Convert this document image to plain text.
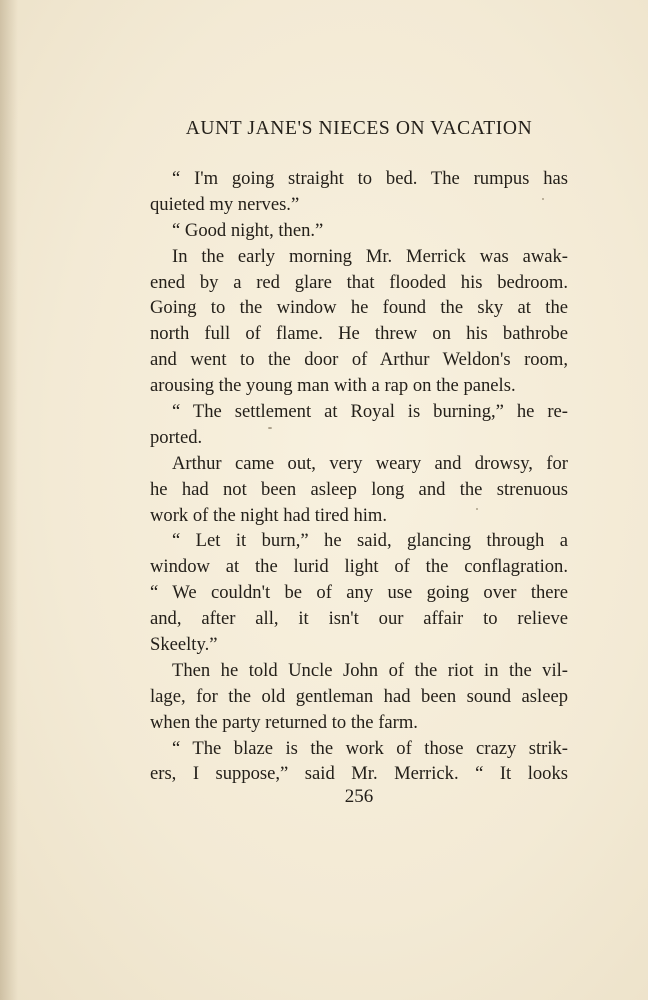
AUNT JANE'S NIECES ON VACATION
“ I'm going straight to bed. The rumpus has
quieted my nerves.”
“ Good night, then.”
In the early morning Mr. Merrick was awak-
ened by a red glare that flooded his bedroom.
Going to the window he found the sky at the
north full of flame. He threw on his bathrobe
and went to the door of Arthur Weldon's room,
arousing the young man with a rap on the panels.
“ The settlement at Royal is burning,” he re-
ported.
Arthur came out, very weary and drowsy, for
he had not been asleep long and the strenuous
work of the night had tired him.
“ Let it burn,” he said, glancing through a
window at the lurid light of the conflagration.
“ We couldn't be of any use going over there
and, after all, it isn't our affair to relieve
Skeelty.”
Then he told Uncle John of the riot in the vil-
lage, for the old gentleman had been sound asleep
when the party returned to the farm.
“ The blaze is the work of those crazy strik-
ers, I suppose,” said Mr. Merrick. “ It looks
256
